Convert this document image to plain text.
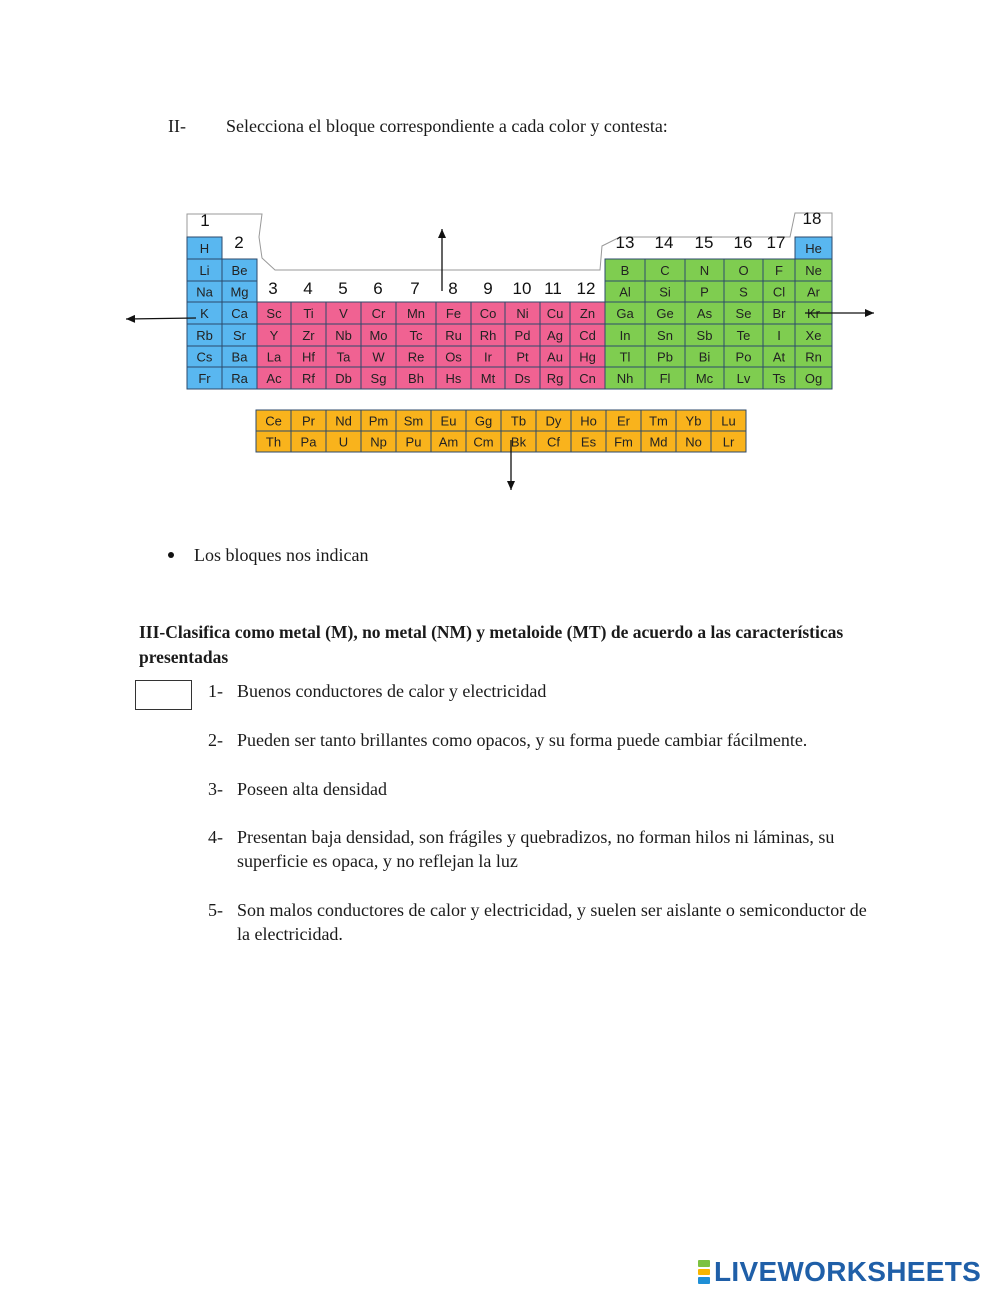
II- Selecciona el bloque correspondiente a cada color y contesta:
H	He
Li Be	B C N O F Ne
Na Mg	Al Si P S Cl Ar
K Ca Sc Ti V Cr Mn Fe Co Ni Cu Zn Ga Ge As Se Br Kr
Rb Sr Y Zr Nb Mo Tc Ru Rh Pd Ag Cd In Sn Sb Te I Xe
Cs Ba La Hf Ta W Re Os Ir Pt Au Hg Tl Pb Bi Po At Rn
Fr Ra Ac Rf Db Sg Bh Hs Mt Ds Rg Cn Nh Fl Mc Lv Ts Og
1
2
3 4 5 6 7 8 9 10 11 12
13 14 15 16 17
18
Ce Pr Nd Pm Sm Eu Gg Tb Dy Ho Er Tm Yb Lu
Th Pa U Np Pu Am Cm Bk Cf Es Fm Md No Lr
Los bloques nos indican
III-Clasifica como metal (M), no metal (NM) y metaloide (MT) de acuerdo a las características presentadas
1- Buenos conductores de calor y electricidad
2- Pueden ser tanto brillantes como opacos, y su forma puede cambiar fácilmente.
3- Poseen alta densidad
4- Presentan baja densidad, son frágiles y quebradizos, no forman hilos ni láminas, su superficie es opaca, y no reflejan la luz
5- Son malos conductores de calor y electricidad, y suelen ser aislante o semiconductor de la electricidad.
LIVEWORKSHEETS
